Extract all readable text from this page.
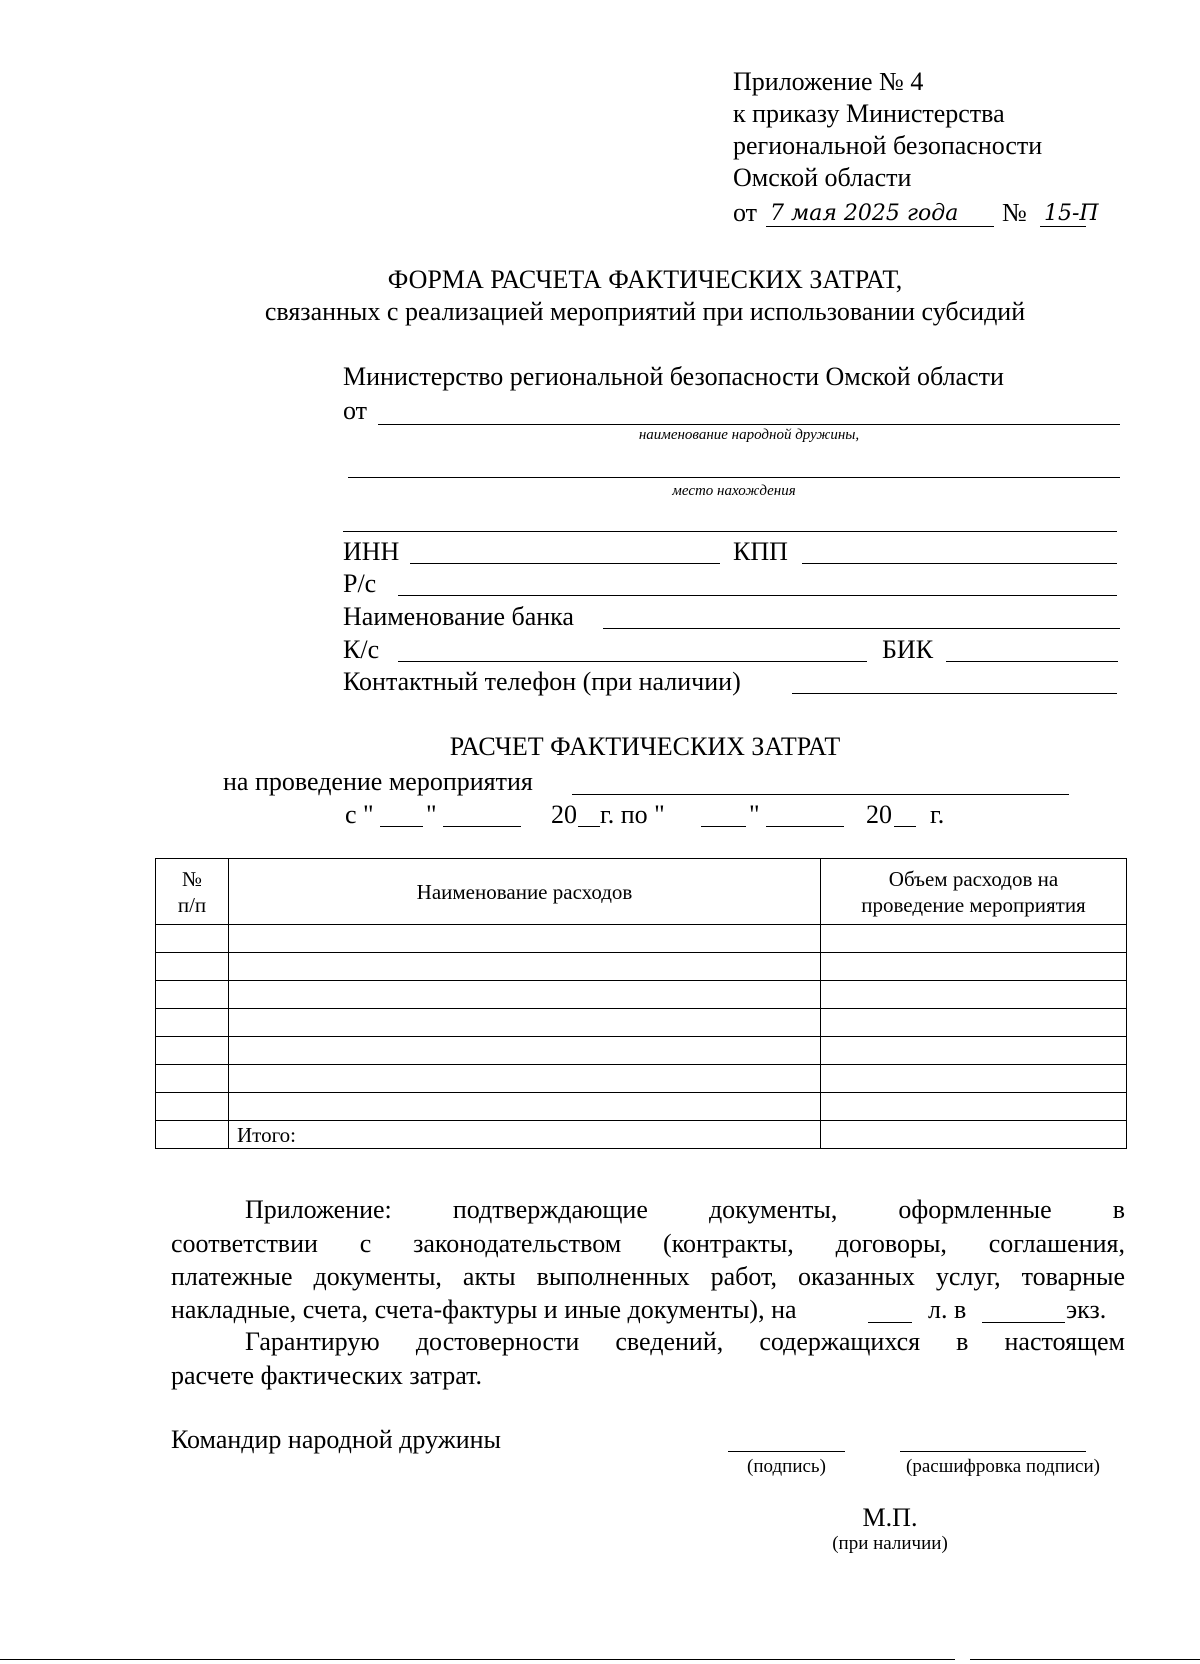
Приложение № 4
к приказу Министерства
региональной безопасности
Омской области
от 7 мая 2025 года № 15-П
ФОРМА РАСЧЕТА ФАКТИЧЕСКИХ ЗАТРАТ,
связанных с реализацией мероприятий при использовании субсидий
Министерство региональной безопасности Омской области
от
наименование народной дружины,
место нахождения
ИНН	КПП
Р/с
Наименование банка
К/с	БИК
Контактный телефон (при наличии)
РАСЧЕТ ФАКТИЧЕСКИХ ЗАТРАТ
на проведение мероприятия
с " "	20 г. по "	"	20 г.
№ п/п	Наименование расходов	Объем расходов на проведение мероприятия

	Итого:	
Приложение: подтверждающие документы, оформленные в
соответствии с законодательством (контракты, договоры, соглашения,
платежные документы, акты выполненных работ, оказанных услуг, товарные
накладные, счета, счета-фактуры и иные документы), на	л. в	экз.
Гарантирую достоверности сведений, содержащихся в настоящем
расчете фактических затрат.
Командир народной дружины
(подпись)	(расшифровка подписи)
М.П.
(при наличии)
